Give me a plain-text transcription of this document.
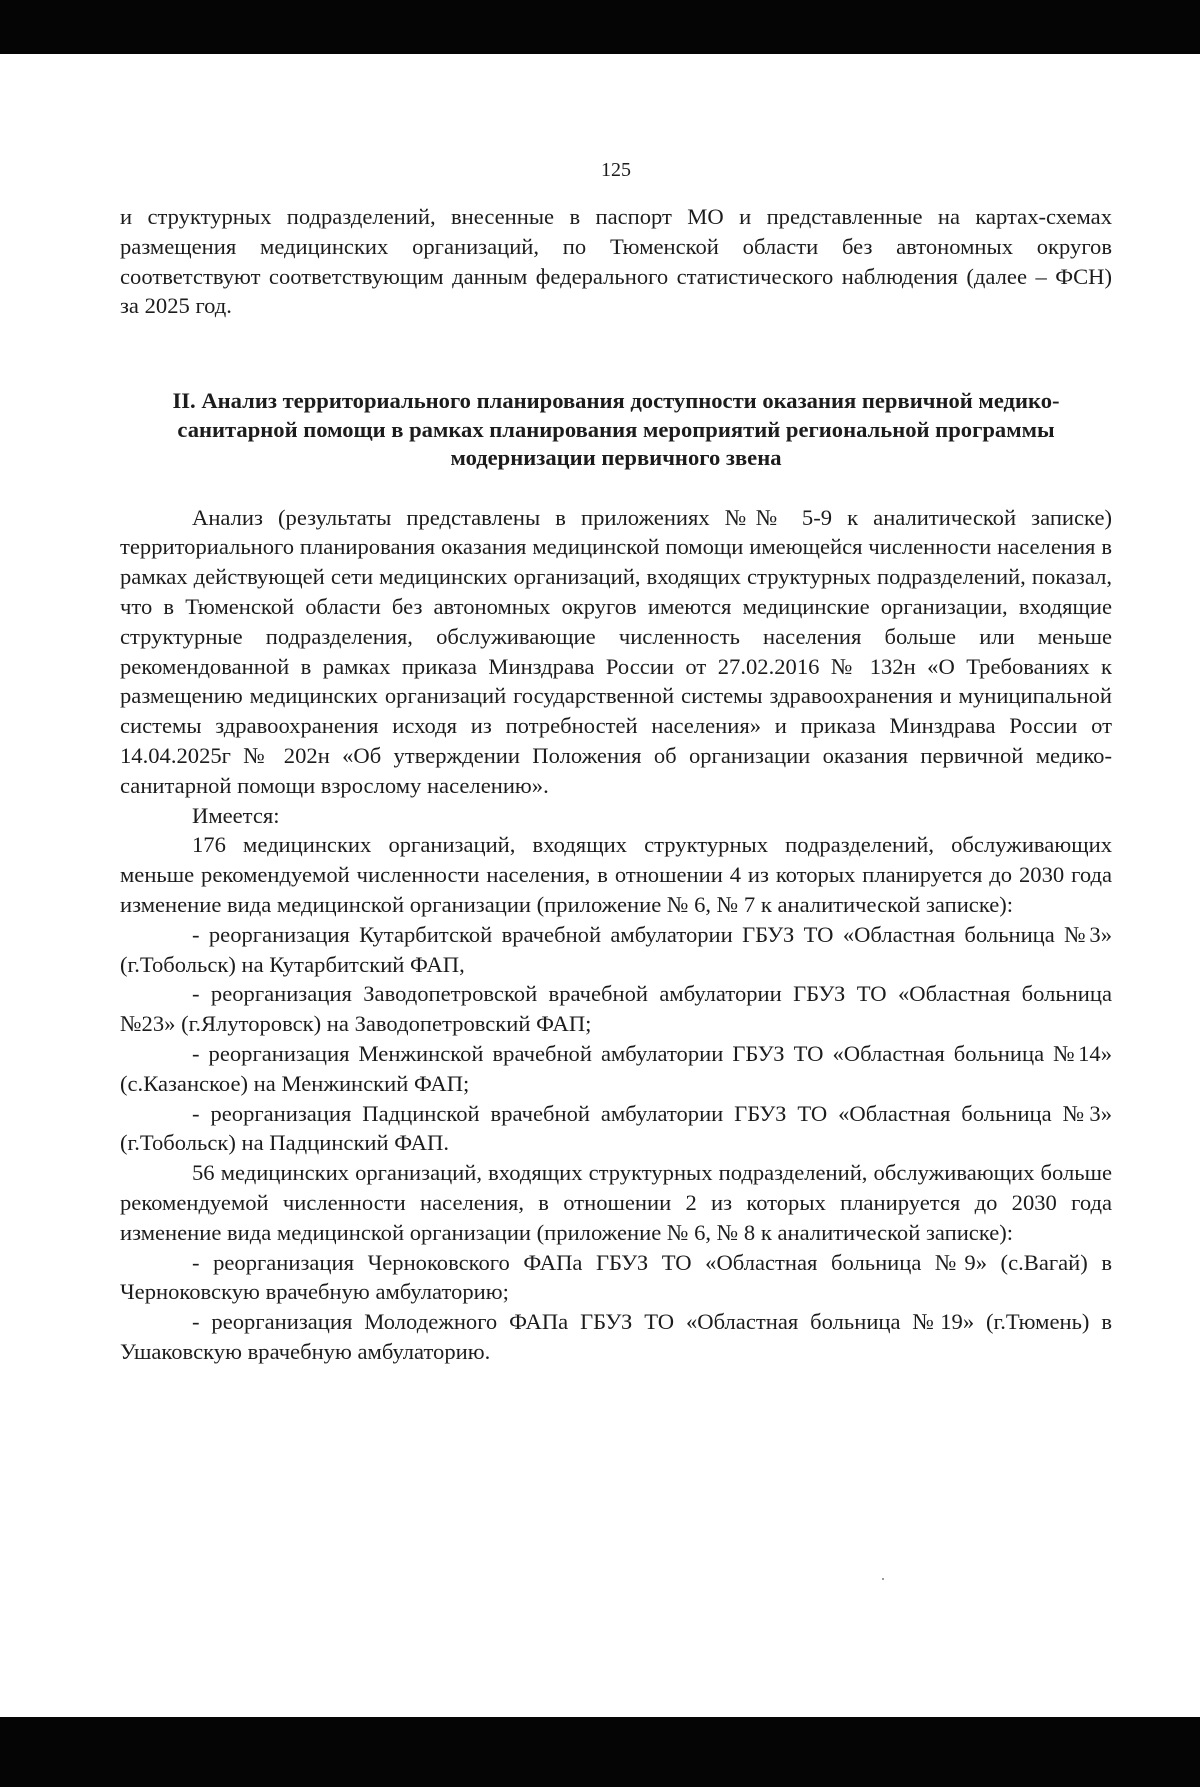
125

и структурных подразделений, внесенные в паспорт МО и представленные на картах-схемах размещения медицинских организаций, по Тюменской области без автономных округов соответствуют соответствующим данным федерального статистического наблюдения (далее – ФСН) за 2025 год.

II. Анализ территориального планирования доступности оказания первичной медико-санитарной помощи в рамках планирования мероприятий региональной программы модернизации первичного звена

Анализ (результаты представлены в приложениях №№ 5-9 к аналитической записке) территориального планирования оказания медицинской помощи имеющейся численности населения в рамках действующей сети медицинских организаций, входящих структурных подразделений, показал, что в Тюменской области без автономных округов имеются медицинские организации, входящие структурные подразделения, обслуживающие численность населения больше или меньше рекомендованной в рамках приказа Минздрава России от 27.02.2016 № 132н «О Требованиях к размещению медицинских организаций государственной системы здравоохранения и муниципальной системы здравоохранения исходя из потребностей населения» и приказа Минздрава России от 14.04.2025г № 202н «Об утверждении Положения об организации оказания первичной медико-санитарной помощи взрослому населению».

Имеется:

176 медицинских организаций, входящих структурных подразделений, обслуживающих меньше рекомендуемой численности населения, в отношении 4 из которых планируется до 2030 года изменение вида медицинской организации (приложение № 6, № 7 к аналитической записке):

- реорганизация Кутарбитской врачебной амбулатории ГБУЗ ТО «Областная больница №3» (г.Тобольск) на Кутарбитский ФАП,

- реорганизация Заводопетровской врачебной амбулатории ГБУЗ ТО «Областная больница №23» (г.Ялуторовск) на Заводопетровский ФАП;

- реорганизация Менжинской врачебной амбулатории ГБУЗ ТО «Областная больница №14» (с.Казанское) на Менжинский ФАП;

- реорганизация Падцинской врачебной амбулатории ГБУЗ ТО «Областная больница №3» (г.Тобольск) на Падцинский ФАП.

56 медицинских организаций, входящих структурных подразделений, обслуживающих больше рекомендуемой численности населения, в отношении 2 из которых планируется до 2030 года изменение вида медицинской организации (приложение № 6, № 8 к аналитической записке):

- реорганизация Черноковского ФАПа ГБУЗ ТО «Областная больница №9» (с.Вагай) в Черноковскую врачебную амбулаторию;

- реорганизация Молодежного ФАПа ГБУЗ ТО «Областная больница №19» (г.Тюмень) в Ушаковскую врачебную амбулаторию.
